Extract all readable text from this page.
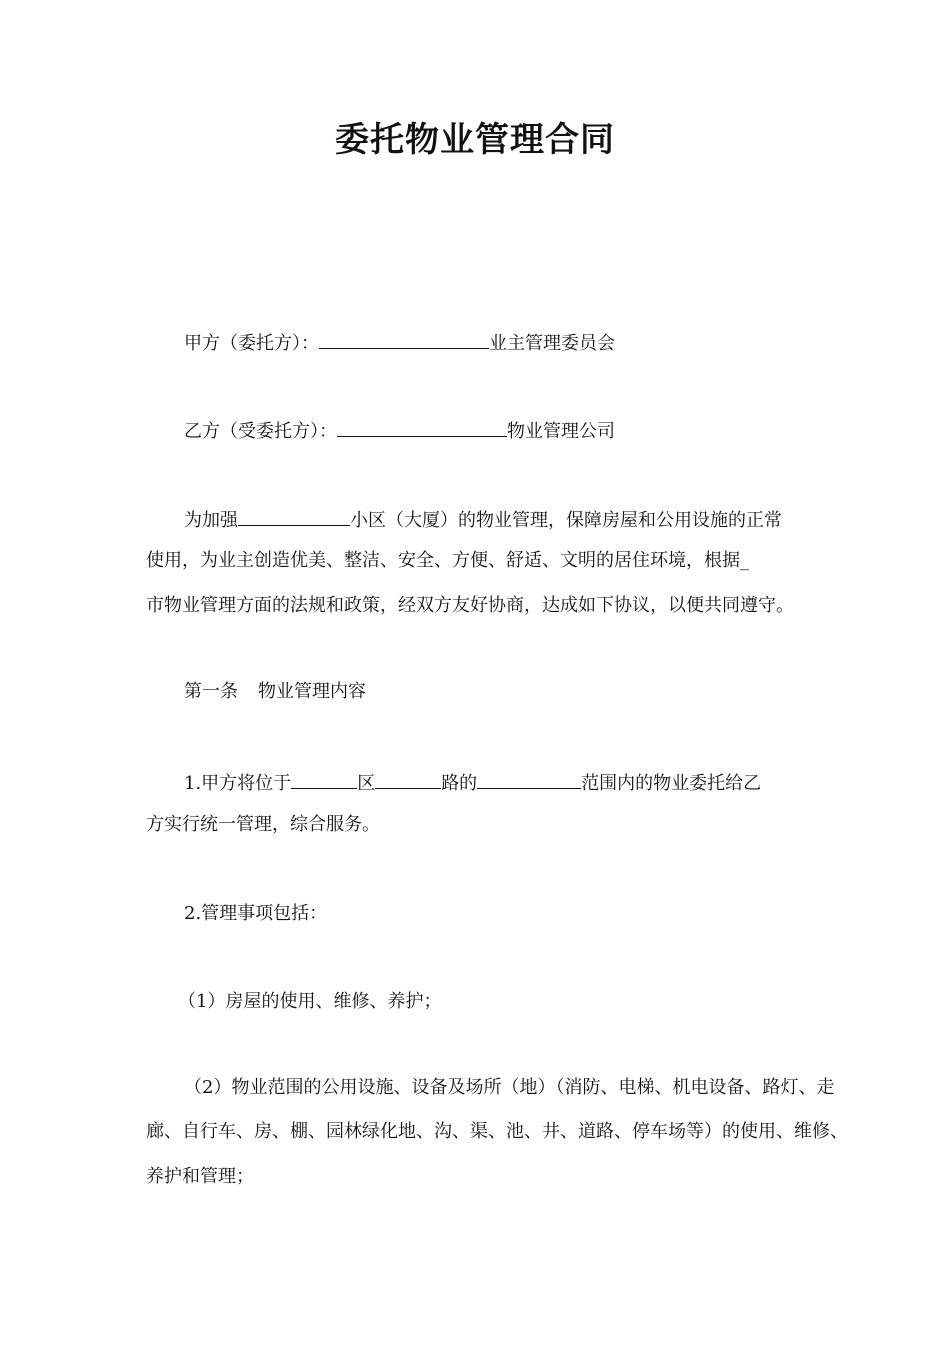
委托物业管理合同
甲方（委托方）：	业主管理委员会
乙方（受委托方）：	物业管理公司
为加强	小区（大厦）的物业管理，保障房屋和公用设施的正常
使用，为业主创造优美、整洁、安全、方便、舒适、文明的居住环境，根据_
市物业管理方面的法规和政策，经双方友好协商，达成如下协议，以便共同遵守。
第一条 物业管理内容
1.甲方将位于	区	路的	范围内的物业委托给乙
方实行统一管理，综合服务。
2.管理事项包括：
（1）房屋的使用、维修、养护；
（2）物业范围的公用设施、设备及场所（地）（消防、电梯、机电设备、路灯、走
廊、自行车、房、棚、园林绿化地、沟、渠、池、井、道路、停车场等）的使用、维修、
养护和管理；
